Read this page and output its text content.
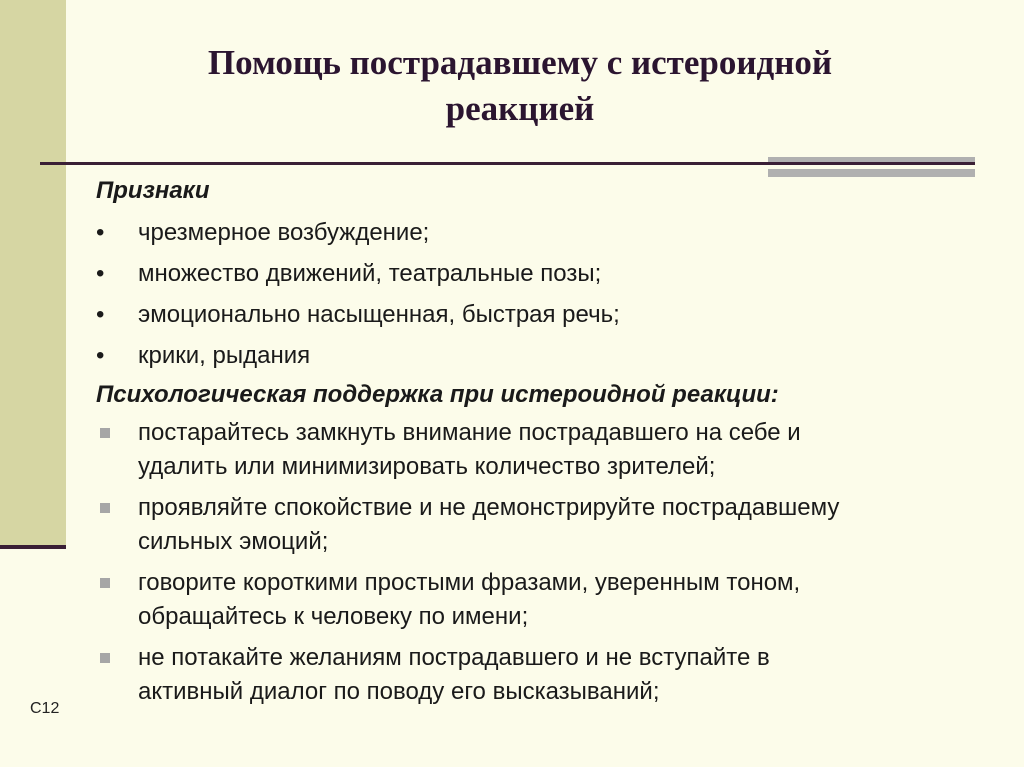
Помощь пострадавшему с истероидной
реакцией

Признаки

• чрезмерное возбуждение;
• множество движений, театральные позы;
• эмоционально насыщенная, быстрая речь;
• крики, рыдания

Психологическая поддержка при истероидной реакции:

постарайтесь замкнуть внимание пострадавшего на себе и
удалить или минимизировать количество зрителей;
проявляйте спокойствие и не демонстрируйте пострадавшему
сильных эмоций;
говорите короткими простыми фразами, уверенным тоном,
обращайтесь к человеку по имени;
не потакайте желаниям пострадавшего и не вступайте в
активный диалог по поводу его высказываний;
С12
